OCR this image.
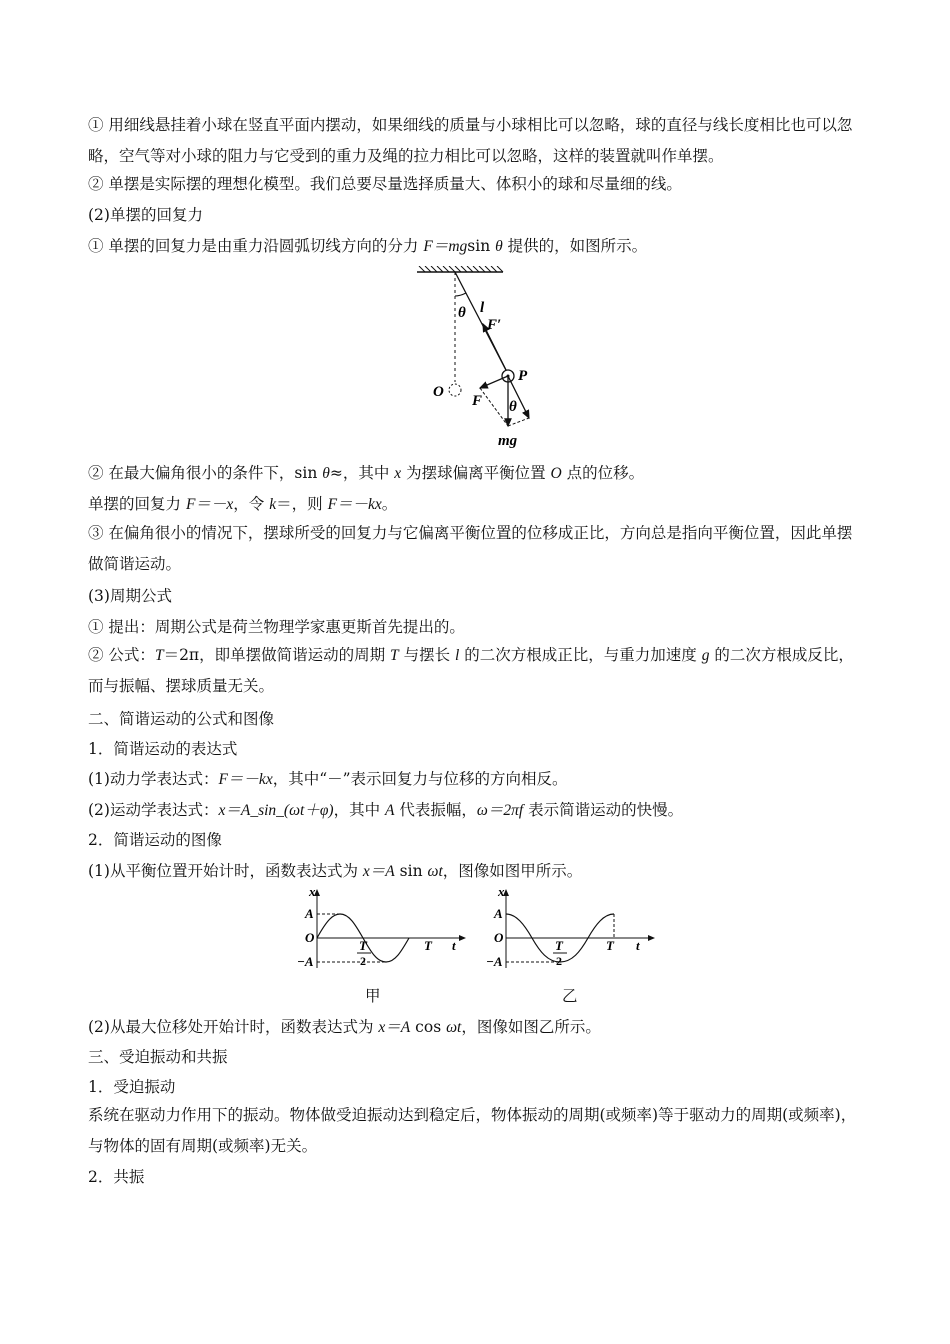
① 用细线悬挂着小球在竖直平面内摆动，如果细线的质量与小球相比可以忽略，球的直径与线长度相比也可以忽略，空气等对小球的阻力与它受到的重力及绳的拉力相比可以忽略，这样的装置就叫作单摆。
② 单摆是实际摆的理想化模型。我们总要尽量选择质量大、体积小的球和尽量细的线。
(2)单摆的回复力
① 单摆的回复力是由重力沿圆弧切线方向的分力 F＝mgsin θ 提供的，如图所示。
θ l
F′
O
P
F θ
mg
② 在最大偏角很小的条件下，sin θ≈，其中 x 为摆球偏离平衡位置 O 点的位移。
单摆的回复力 F＝－x，令 k＝，则 F＝－kx。
③ 在偏角很小的情况下，摆球所受的回复力与它偏离平衡位置的位移成正比，方向总是指向平衡位置，因此单摆做简谐运动。
(3)周期公式
① 提出：周期公式是荷兰物理学家惠更斯首先提出的。
② 公式：T＝2π，即单摆做简谐运动的周期 T 与摆长 l 的二次方根成正比，与重力加速度 g 的二次方根成反比，而与振幅、摆球质量无关。
二、简谐运动的公式和图像
1．简谐运动的表达式
(1)动力学表达式：F＝－kx，其中“－”表示回复力与位移的方向相反。
(2)运动学表达式：x＝A_sin_(ωt＋φ)，其中 A 代表振幅，ω＝2πf 表示简谐运动的快慢。
2．简谐运动的图像
(1)从平衡位置开始计时，函数表达式为 x＝A sin ωt，图像如图甲所示。
x
A
O
−A
T
2
T t
甲
x
A
O
−A
T
2
T t
乙
(2)从最大位移处开始计时，函数表达式为 x＝A cos ωt，图像如图乙所示。
三、受迫振动和共振
1．受迫振动
系统在驱动力作用下的振动。物体做受迫振动达到稳定后，物体振动的周期(或频率)等于驱动力的周期(或频率)，与物体的固有周期(或频率)无关。
2．共振
